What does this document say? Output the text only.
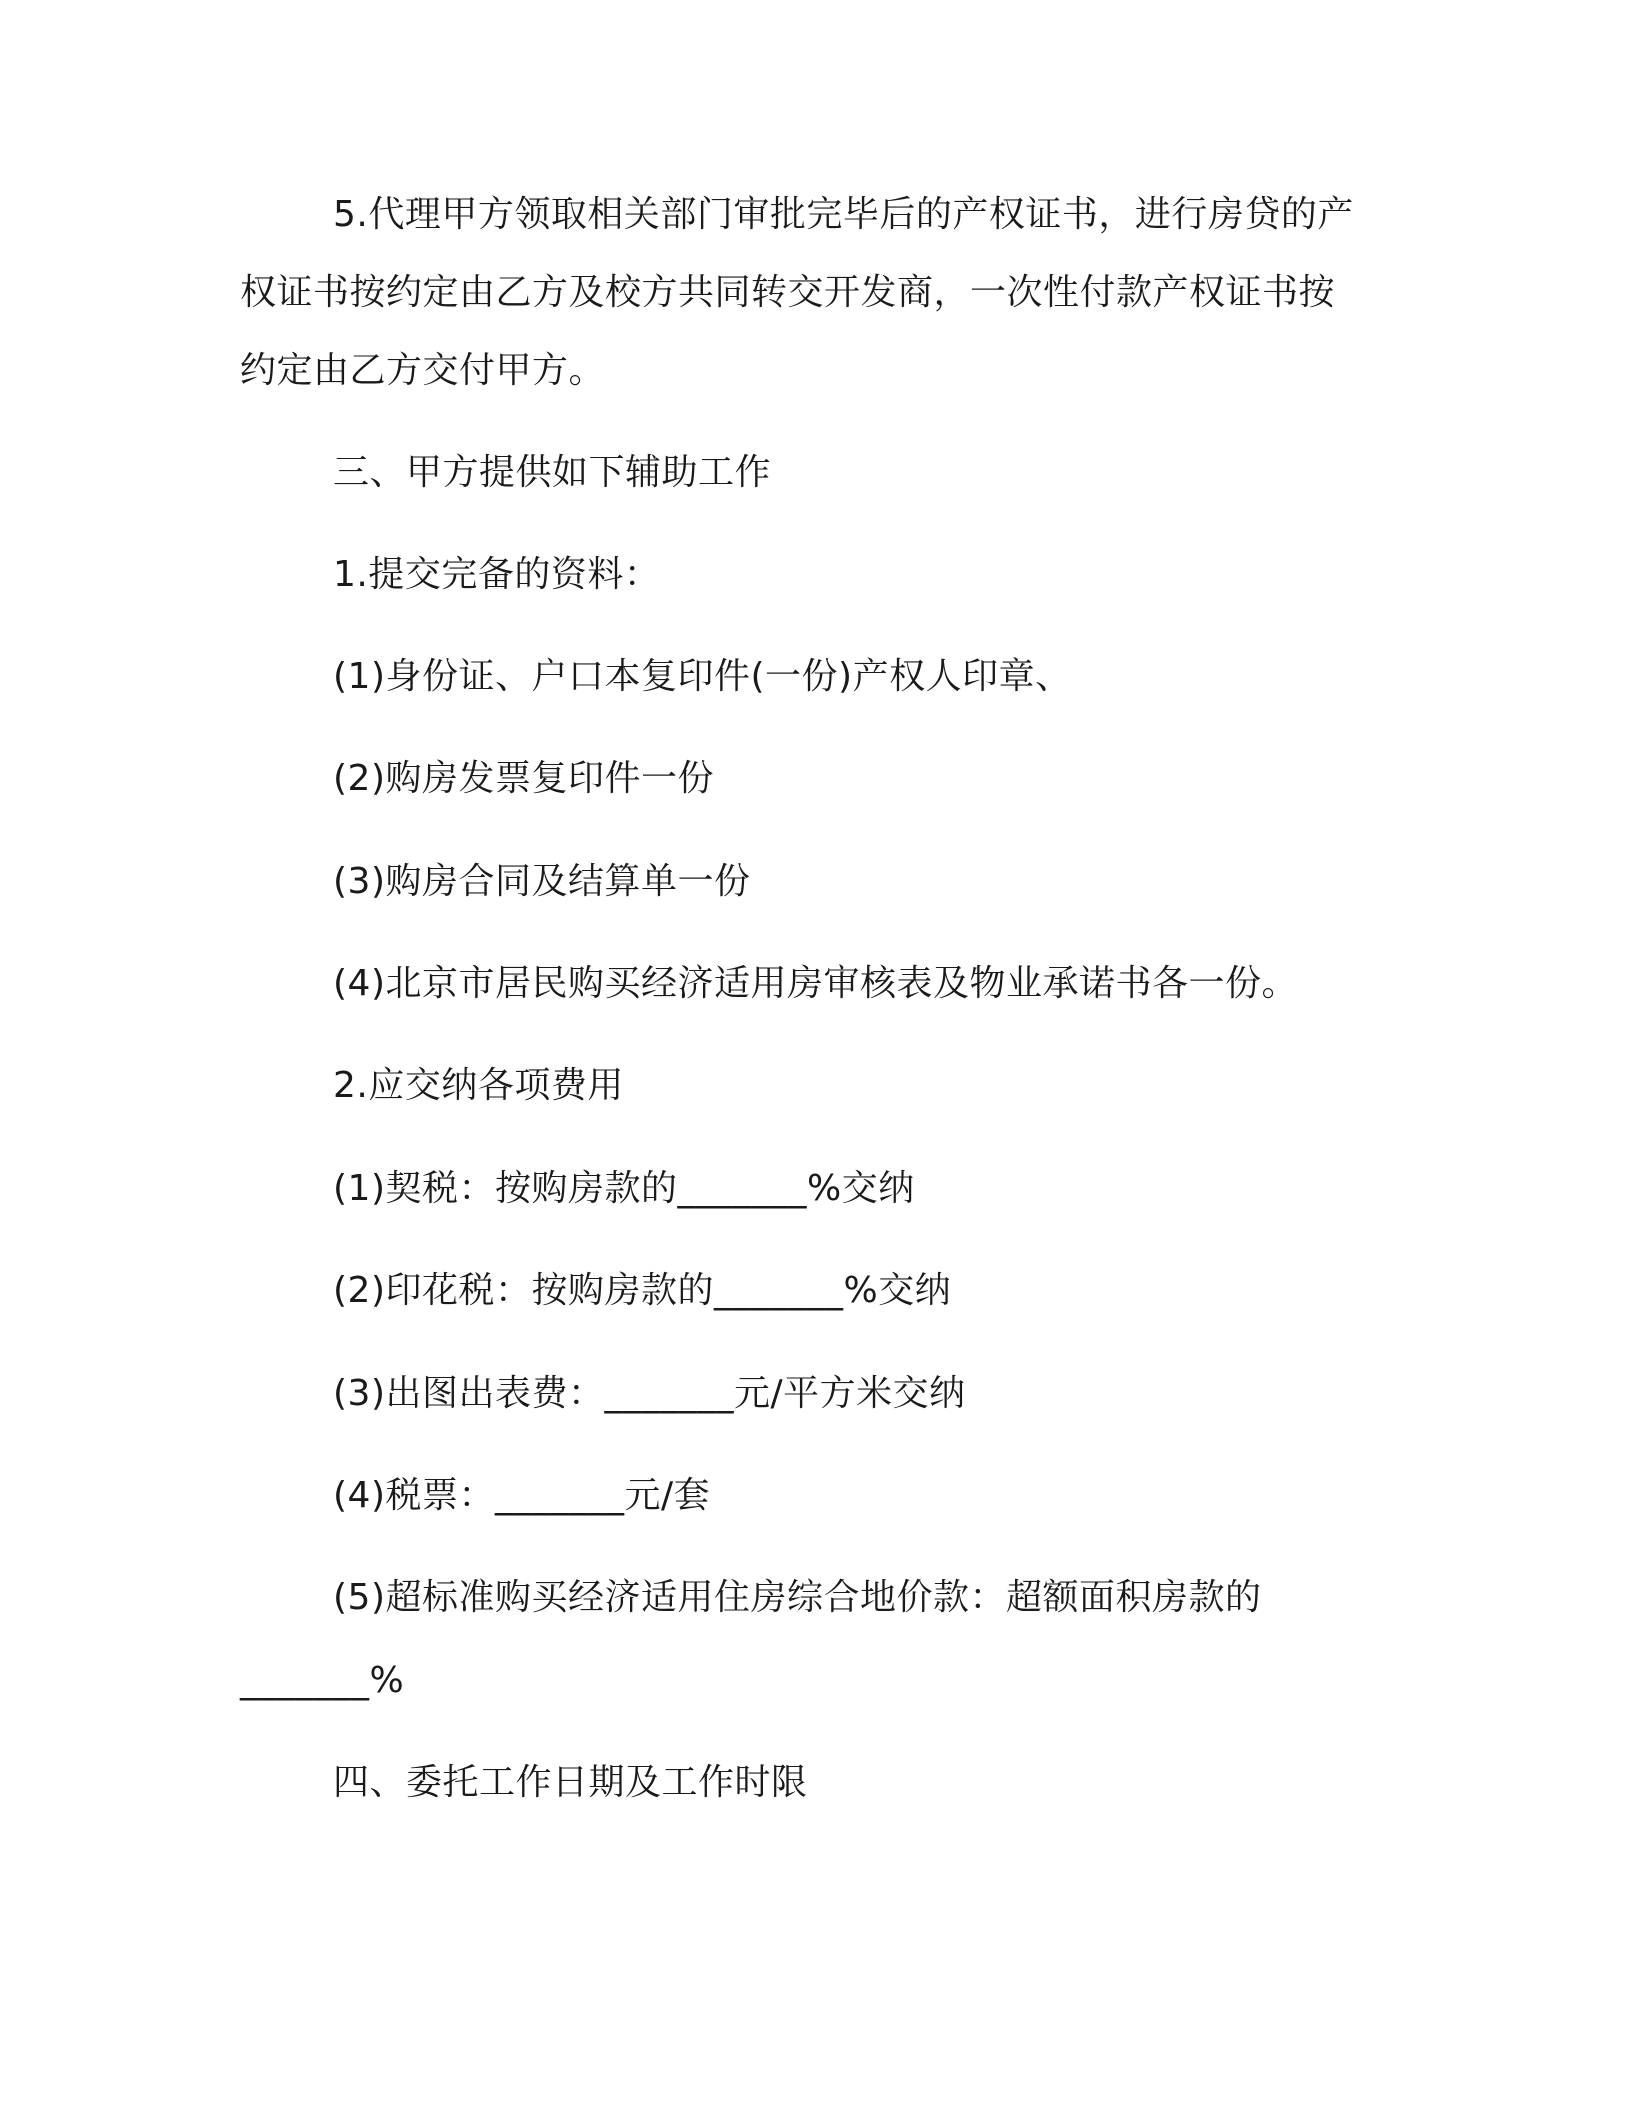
5.代理甲方领取相关部门审批完毕后的产权证书，进行房贷的产

权证书按约定由乙方及校方共同转交开发商，一次性付款产权证书按

约定由乙方交付甲方。

三、甲方提供如下辅助工作

1.提交完备的资料：

(1)身份证、户口本复印件(一份)产权人印章、

(2)购房发票复印件一份

(3)购房合同及结算单一份

(4)北京市居民购买经济适用房审核表及物业承诺书各一份。

2.应交纳各项费用

(1)契税：按购房款的_______%交纳

(2)印花税：按购房款的_______%交纳

(3)出图出表费：_______元/平方米交纳

(4)税票：_______元/套

(5)超标准购买经济适用住房综合地价款：超额面积房款的

_______%

四、委托工作日期及工作时限
